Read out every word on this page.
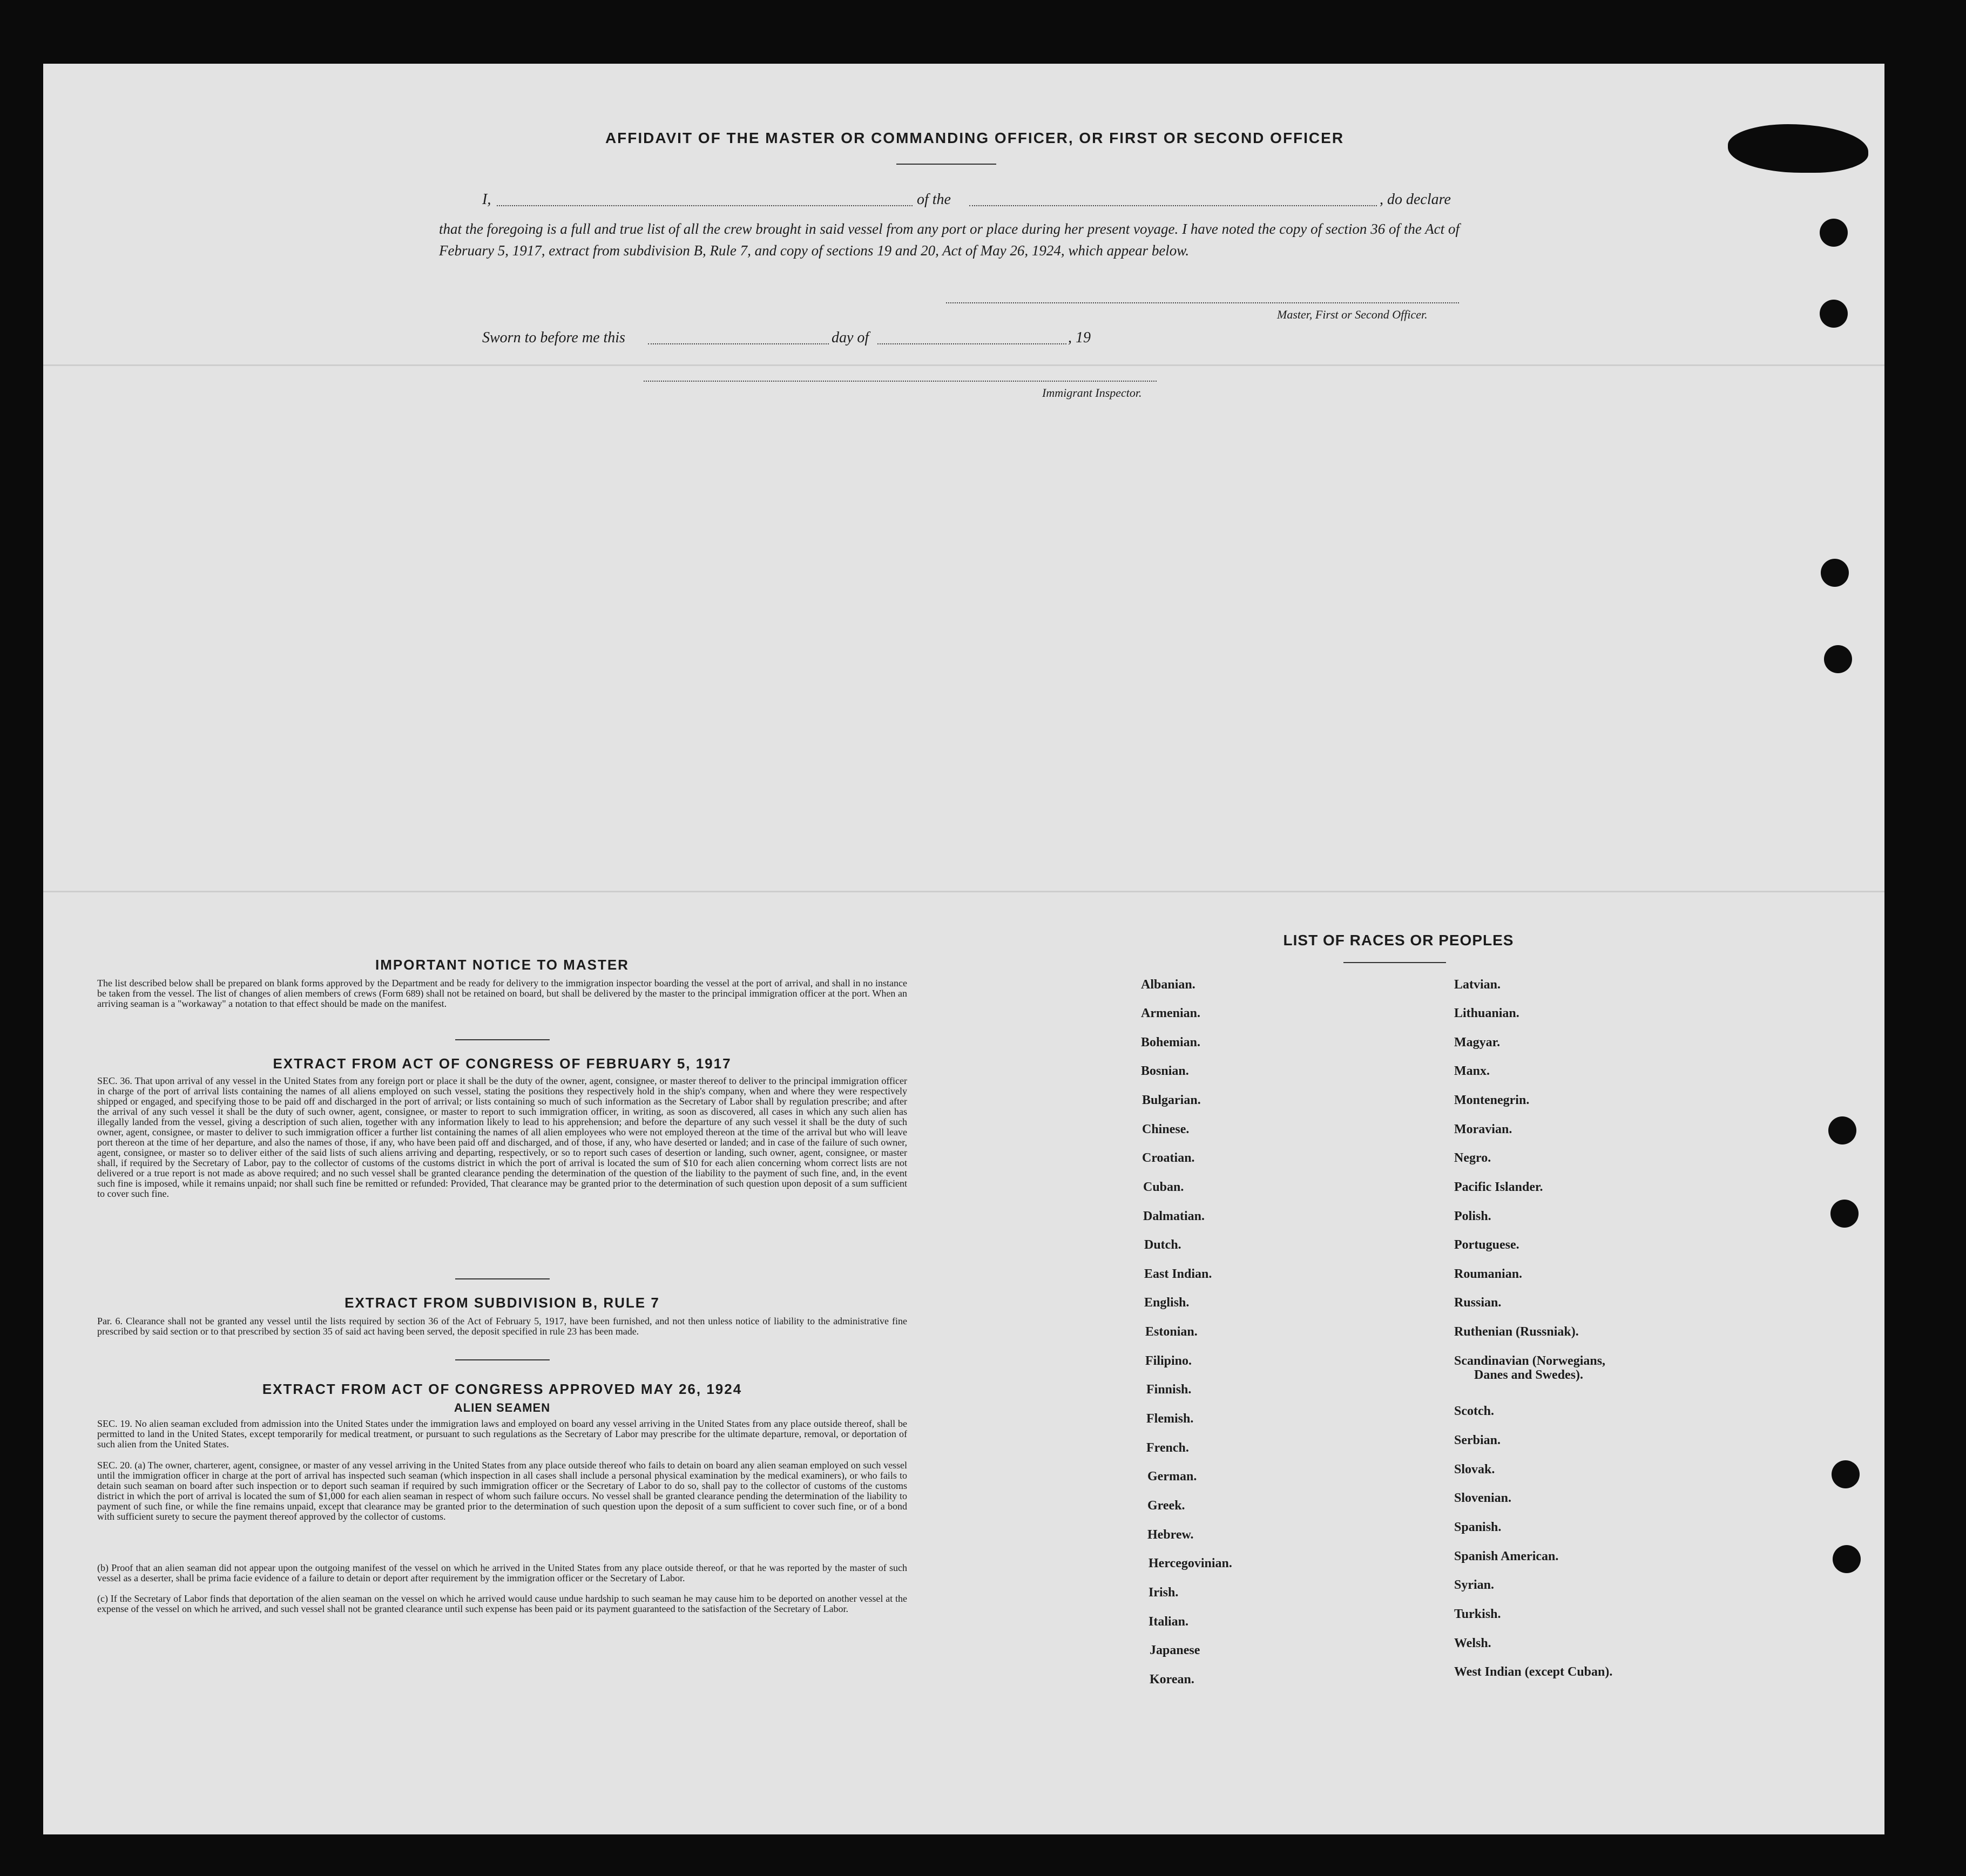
AFFIDAVIT OF THE MASTER OR COMMANDING OFFICER, OR FIRST OR SECOND OFFICER
I,	of the	, do declare
that the foregoing is a full and true list of all the crew brought in said vessel from any port or place during her present voyage. I have noted the copy of section 36 of the Act of February 5, 1917, extract from subdivision B, Rule 7, and copy of sections 19 and 20, Act of May 26, 1924, which appear below.
Master, First or Second Officer.
Sworn to before me this	day of	, 19
Immigrant Inspector.
IMPORTANT NOTICE TO MASTER
The list described below shall be prepared on blank forms approved by the Department and be ready for delivery to the immigration inspector boarding the vessel at the port of arrival, and shall in no instance be taken from the vessel. The list of changes of alien members of crews (Form 689) shall not be retained on board, but shall be delivered by the master to the principal immigration officer at the port. When an arriving seaman is a "workaway" a notation to that effect should be made on the manifest.
EXTRACT FROM ACT OF CONGRESS OF FEBRUARY 5, 1917
SEC. 36. That upon arrival of any vessel in the United States from any foreign port or place it shall be the duty of the owner, agent, consignee, or master thereof to deliver to the principal immigration officer in charge of the port of arrival lists containing the names of all aliens employed on such vessel, stating the positions they respectively hold in the ship's company, when and where they were respectively shipped or engaged, and specifying those to be paid off and discharged in the port of arrival; or lists containing so much of such information as the Secretary of Labor shall by regulation prescribe; and after the arrival of any such vessel it shall be the duty of such owner, agent, consignee, or master to report to such immigration officer, in writing, as soon as discovered, all cases in which any such alien has illegally landed from the vessel, giving a description of such alien, together with any information likely to lead to his apprehension; and before the departure of any such vessel it shall be the duty of such owner, agent, consignee, or master to deliver to such immigration officer a further list containing the names of all alien employees who were not employed thereon at the time of the arrival but who will leave port thereon at the time of her departure, and also the names of those, if any, who have been paid off and discharged, and of those, if any, who have deserted or landed; and in case of the failure of such owner, agent, consignee, or master so to deliver either of the said lists of such aliens arriving and departing, respectively, or so to report such cases of desertion or landing, such owner, agent, consignee, or master shall, if required by the Secretary of Labor, pay to the collector of customs of the customs district in which the port of arrival is located the sum of $10 for each alien concerning whom correct lists are not delivered or a true report is not made as above required; and no such vessel shall be granted clearance pending the determination of the question of the liability to the payment of such fine, and, in the event such fine is imposed, while it remains unpaid; nor shall such fine be remitted or refunded: Provided, That clearance may be granted prior to the determination of such question upon deposit of a sum sufficient to cover such fine.
EXTRACT FROM SUBDIVISION B, RULE 7
Par. 6. Clearance shall not be granted any vessel until the lists required by section 36 of the Act of February 5, 1917, have been furnished, and not then unless notice of liability to the administrative fine prescribed by said section or to that prescribed by section 35 of said act having been served, the deposit specified in rule 23 has been made.
EXTRACT FROM ACT OF CONGRESS APPROVED MAY 26, 1924
ALIEN SEAMEN
SEC. 19. No alien seaman excluded from admission into the United States under the immigration laws and employed on board any vessel arriving in the United States from any place outside thereof, shall be permitted to land in the United States, except temporarily for medical treatment, or pursuant to such regulations as the Secretary of Labor may prescribe for the ultimate departure, removal, or deportation of such alien from the United States.
SEC. 20. (a) The owner, charterer, agent, consignee, or master of any vessel arriving in the United States from any place outside thereof who fails to detain on board any alien seaman employed on such vessel until the immigration officer in charge at the port of arrival has inspected such seaman (which inspection in all cases shall include a personal physical examination by the medical examiners), or who fails to detain such seaman on board after such inspection or to deport such seaman if required by such immigration officer or the Secretary of Labor to do so, shall pay to the collector of customs of the customs district in which the port of arrival is located the sum of $1,000 for each alien seaman in respect of whom such failure occurs. No vessel shall be granted clearance pending the determination of the liability to payment of such fine, or while the fine remains unpaid, except that clearance may be granted prior to the determination of such question upon the deposit of a sum sufficient to cover such fine, or of a bond with sufficient surety to secure the payment thereof approved by the collector of customs.
(b) Proof that an alien seaman did not appear upon the outgoing manifest of the vessel on which he arrived in the United States from any place outside thereof, or that he was reported by the master of such vessel as a deserter, shall be prima facie evidence of a failure to detain or deport after requirement by the immigration officer or the Secretary of Labor.
(c) If the Secretary of Labor finds that deportation of the alien seaman on the vessel on which he arrived would cause undue hardship to such seaman he may cause him to be deported on another vessel at the expense of the vessel on which he arrived, and such vessel shall not be granted clearance until such expense has been paid or its payment guaranteed to the satisfaction of the Secretary of Labor.
LIST OF RACES OR PEOPLES
Albanian.
Armenian.
Bohemian.
Bosnian.
Bulgarian.
Chinese.
Croatian.
Cuban.
Dalmatian.
Dutch.
East Indian.
English.
Estonian.
Filipino.
Finnish.
Flemish.
French.
German.
Greek.
Hebrew.
Hercegovinian.
Irish.
Italian.
Japanese
Korean.
Latvian.
Lithuanian.
Magyar.
Manx.
Montenegrin.
Moravian.
Negro.
Pacific Islander.
Polish.
Portuguese.
Roumanian.
Russian.
Ruthenian (Russniak).
Scandinavian (Norwegians,
Danes and Swedes).
Scotch.
Serbian.
Slovak.
Slovenian.
Spanish.
Spanish American.
Syrian.
Turkish.
Welsh.
West Indian (except Cuban).
